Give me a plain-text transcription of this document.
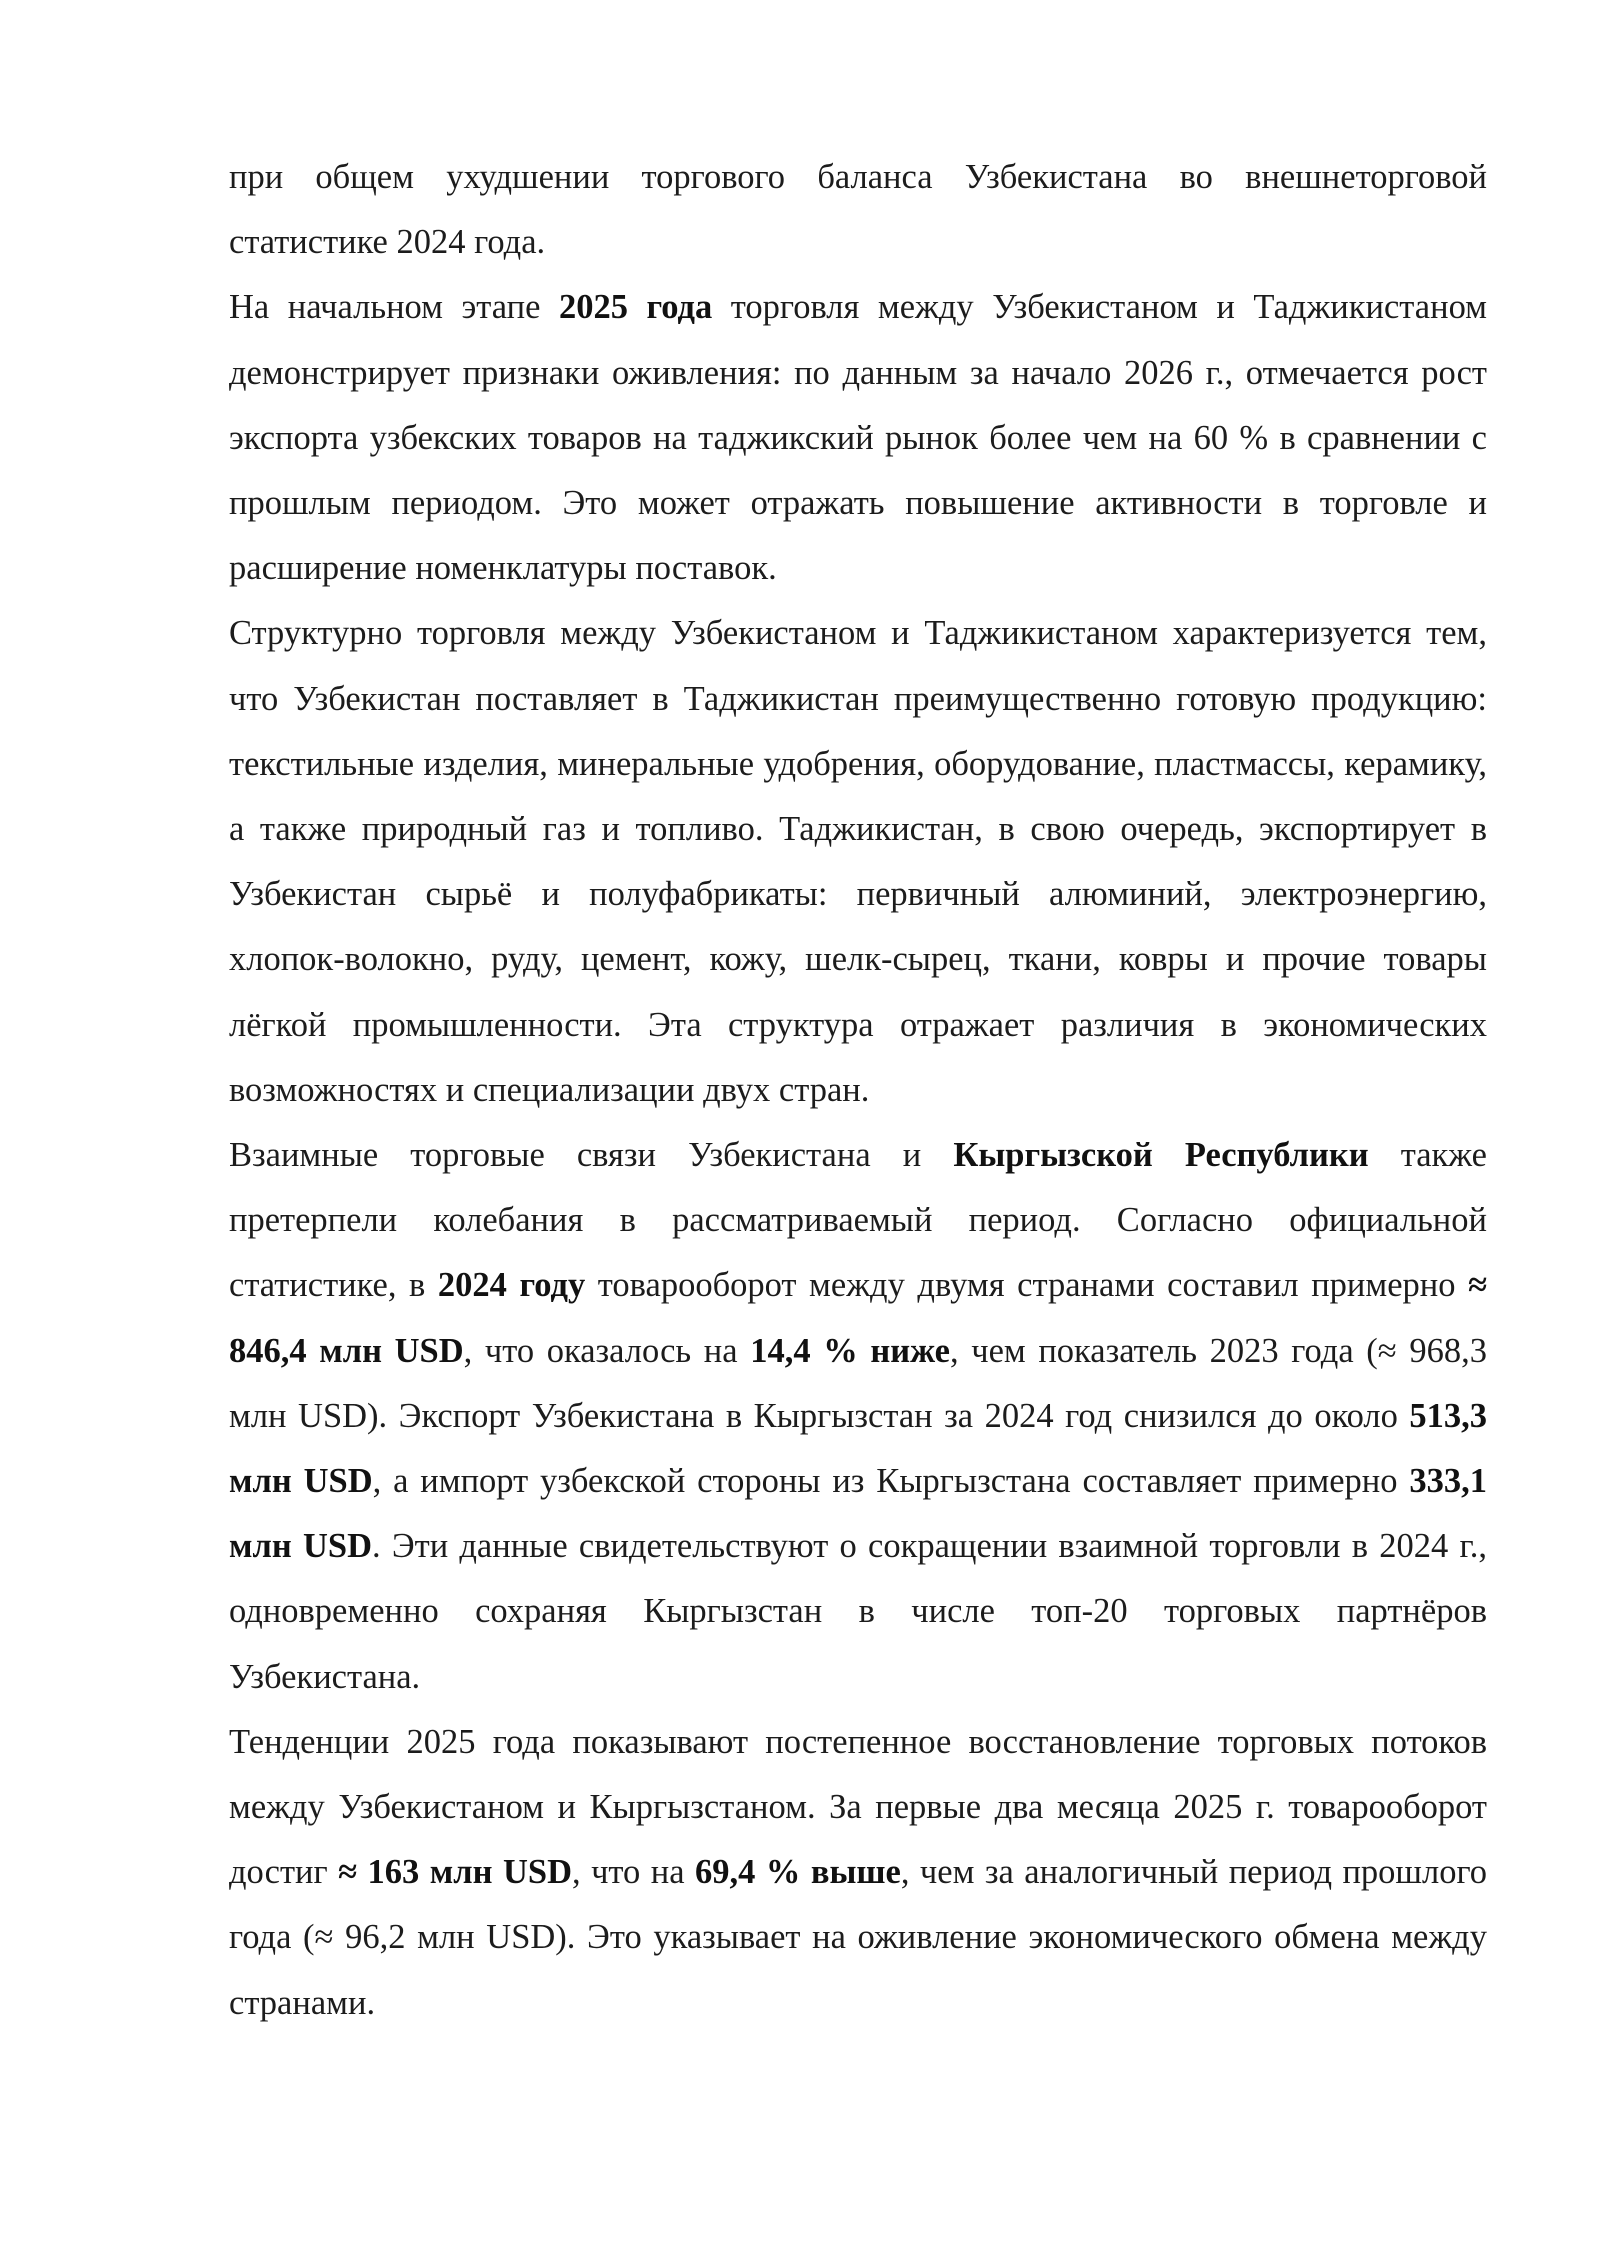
при общем ухудшении торгового баланса Узбекистана во внешнеторговой статистике 2024 года.

На начальном этапе 2025 года торговля между Узбекистаном и Таджикистаном демонстрирует признаки оживления: по данным за начало 2026 г., отмечается рост экспорта узбекских товаров на таджикский рынок более чем на 60 % в сравнении с прошлым периодом. Это может отражать повышение активности в торговле и расширение номенклатуры поставок.

Структурно торговля между Узбекистаном и Таджикистаном характеризуется тем, что Узбекистан поставляет в Таджикистан преимущественно готовую продукцию: текстильные изделия, минеральные удобрения, оборудование, пластмассы, керамику, а также природный газ и топливо. Таджикистан, в свою очередь, экспортирует в Узбекистан сырьё и полуфабрикаты: первичный алюминий, электроэнергию, хлопок-волокно, руду, цемент, кожу, шелк-сырец, ткани, ковры и прочие товары лёгкой промышленности. Эта структура отражает различия в экономических возможностях и специализации двух стран.

Взаимные торговые связи Узбекистана и Кыргызской Республики также претерпели колебания в рассматриваемый период. Согласно официальной статистике, в 2024 году товарооборот между двумя странами составил примерно ≈ 846,4 млн USD, что оказалось на 14,4 % ниже, чем показатель 2023 года (≈ 968,3 млн USD). Экспорт Узбекистана в Кыргызстан за 2024 год снизился до около 513,3 млн USD, а импорт узбекской стороны из Кыргызстана составляет примерно 333,1 млн USD. Эти данные свидетельствуют о сокращении взаимной торговли в 2024 г., одновременно сохраняя Кыргызстан в числе топ-20 торговых партнёров Узбекистана.

Тенденции 2025 года показывают постепенное восстановление торговых потоков между Узбекистаном и Кыргызстаном. За первые два месяца 2025 г. товарооборот достиг ≈ 163 млн USD, что на 69,4 % выше, чем за аналогичный период прошлого года (≈ 96,2 млн USD). Это указывает на оживление экономического обмена между странами.
